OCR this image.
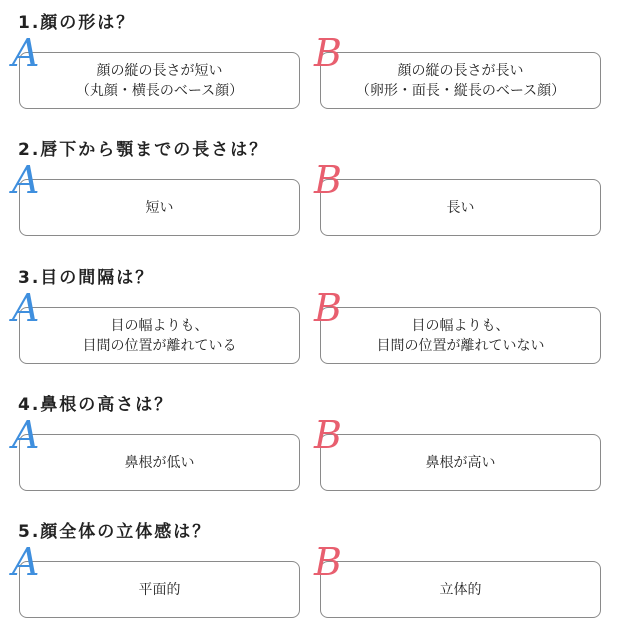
1.顔の形は？
顔の縦の長さが短い
（丸顔・横長のベース顔）
A	顔の縦の長さが長い
（卵形・面長・縦長のベース顔）
B
2.唇下から顎までの長さは？
短い
A
長い
B
3.目の間隔は？
目の幅よりも、
目間の位置が離れている
A	目の幅よりも、
目間の位置が離れていない
B
4.鼻根の高さは？
鼻根が低い
A
鼻根が高い
B
5.顔全体の立体感は？
平面的
A
立体的
B
